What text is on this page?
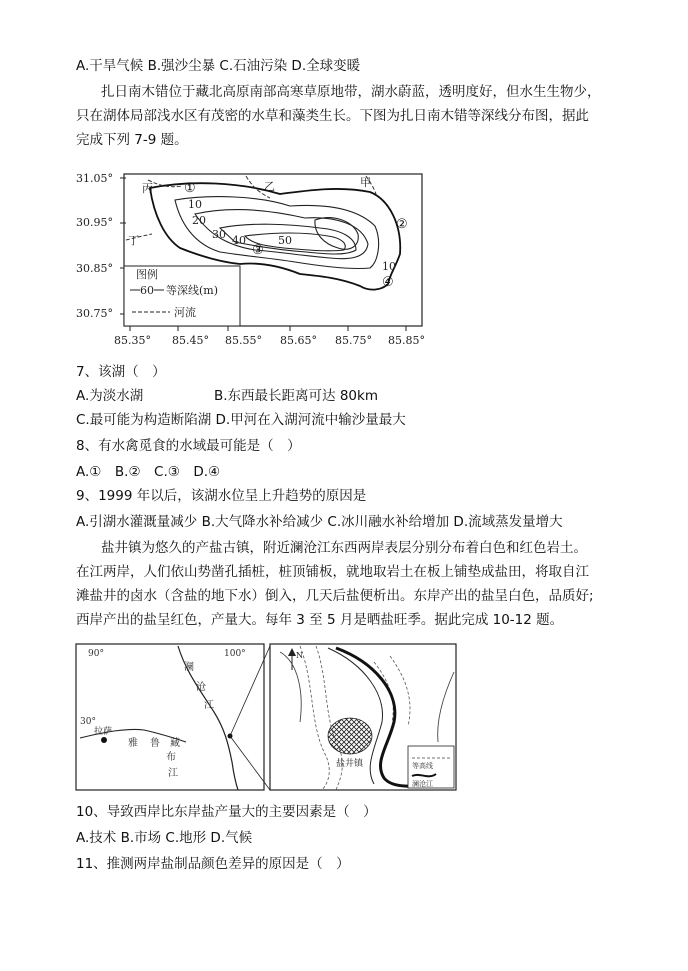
A.干旱气候 B.强沙尘暴 C.石油污染 D.全球变暖
扎日南木错位于藏北高原南部高寒草原地带，湖水蔚蓝，透明度好，但水生生物少，
只在湖体局部浅水区有茂密的水草和藻类生长。下图为扎日南木错等深线分布图，据此
完成下列 7-9 题。
31.05°
30.95°
30.85°
30.75°
85.35° 85.45° 85.55° 85.65° 85.75° 85.85°
图例
60 等深线(m)
河流
丙	乙	甲
丁
10
20
30 40	50
10
①
②
③
④
7、该湖（　）
A.为淡水湖	B.东西最长距离可达 80km
C.最可能为构造断陷湖 D.甲河在入湖河流中输沙量最大
8、有水禽觅食的水域最可能是（　）
A.①　B.②　C.③　D.④
9、1999 年以后，该湖水位呈上升趋势的原因是
A.引湖水灌溉量减少 B.大气降水补给减少 C.冰川融水补给增加 D.流域蒸发量增大
盐井镇为悠久的产盐古镇，附近澜沧江东西两岸表层分别分布着白色和红色岩土。
在江两岸，人们依山势凿孔插桩，桩顶铺板，就地取岩土在板上铺垫成盐田，将取自江
滩盐井的卤水（含盐的地下水）倒入，几天后盐便析出。东岸产出的盐呈白色，品质好;
西岸产出的盐呈红色，产量大。每年 3 至 5 月是晒盐旺季。据此完成 10-12 题。
90°	100°
30°
澜
沧
江
雅 鲁 藏
布
江
拉萨
N
盐井镇	等高线
澜沧江
10、导致西岸比东岸盐产量大的主要因素是（　）
A.技术 B.市场 C.地形 D.气候
11、推测两岸盐制品颜色差异的原因是（　）
